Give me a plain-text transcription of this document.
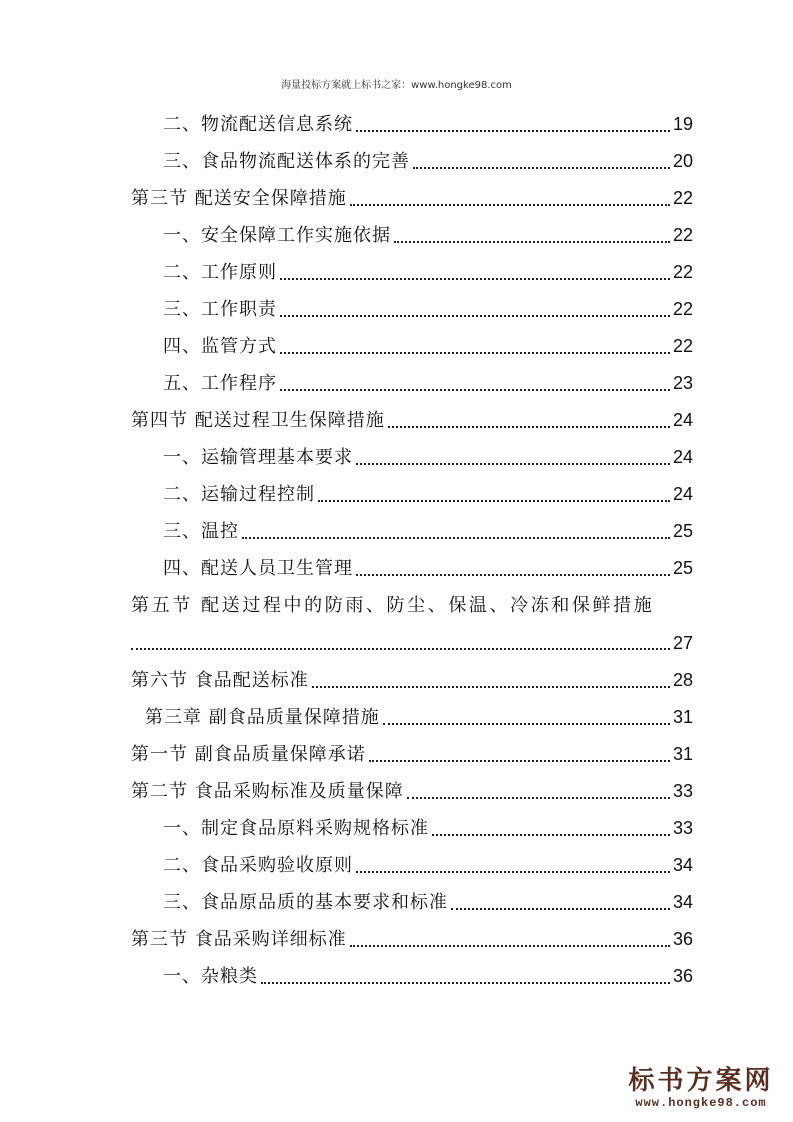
海量投标方案就上标书之家：www.hongke98.com
二、物流配送信息系统	19
三、食品物流配送体系的完善	20
第三节 配送安全保障措施	22
一、安全保障工作实施依据	22
二、工作原则	22
三、工作职责	22
四、监管方式	22
五、工作程序	23
第四节 配送过程卫生保障措施	24
一、运输管理基本要求	24
二、运输过程控制	24
三、温控	25
四、配送人员卫生管理	25
第五节 配送过程中的防雨、防尘、保温、冷冻和保鲜措施
27
第六节 食品配送标准	28
第三章 副食品质量保障措施	31
第一节 副食品质量保障承诺	31
第二节 食品采购标准及质量保障	33
一、制定食品原料采购规格标准	33
二、食品采购验收原则	34
三、食品原品质的基本要求和标准	34
第三节 食品采购详细标准	36
一、杂粮类	36
标书方案网
www.hongke98.com
